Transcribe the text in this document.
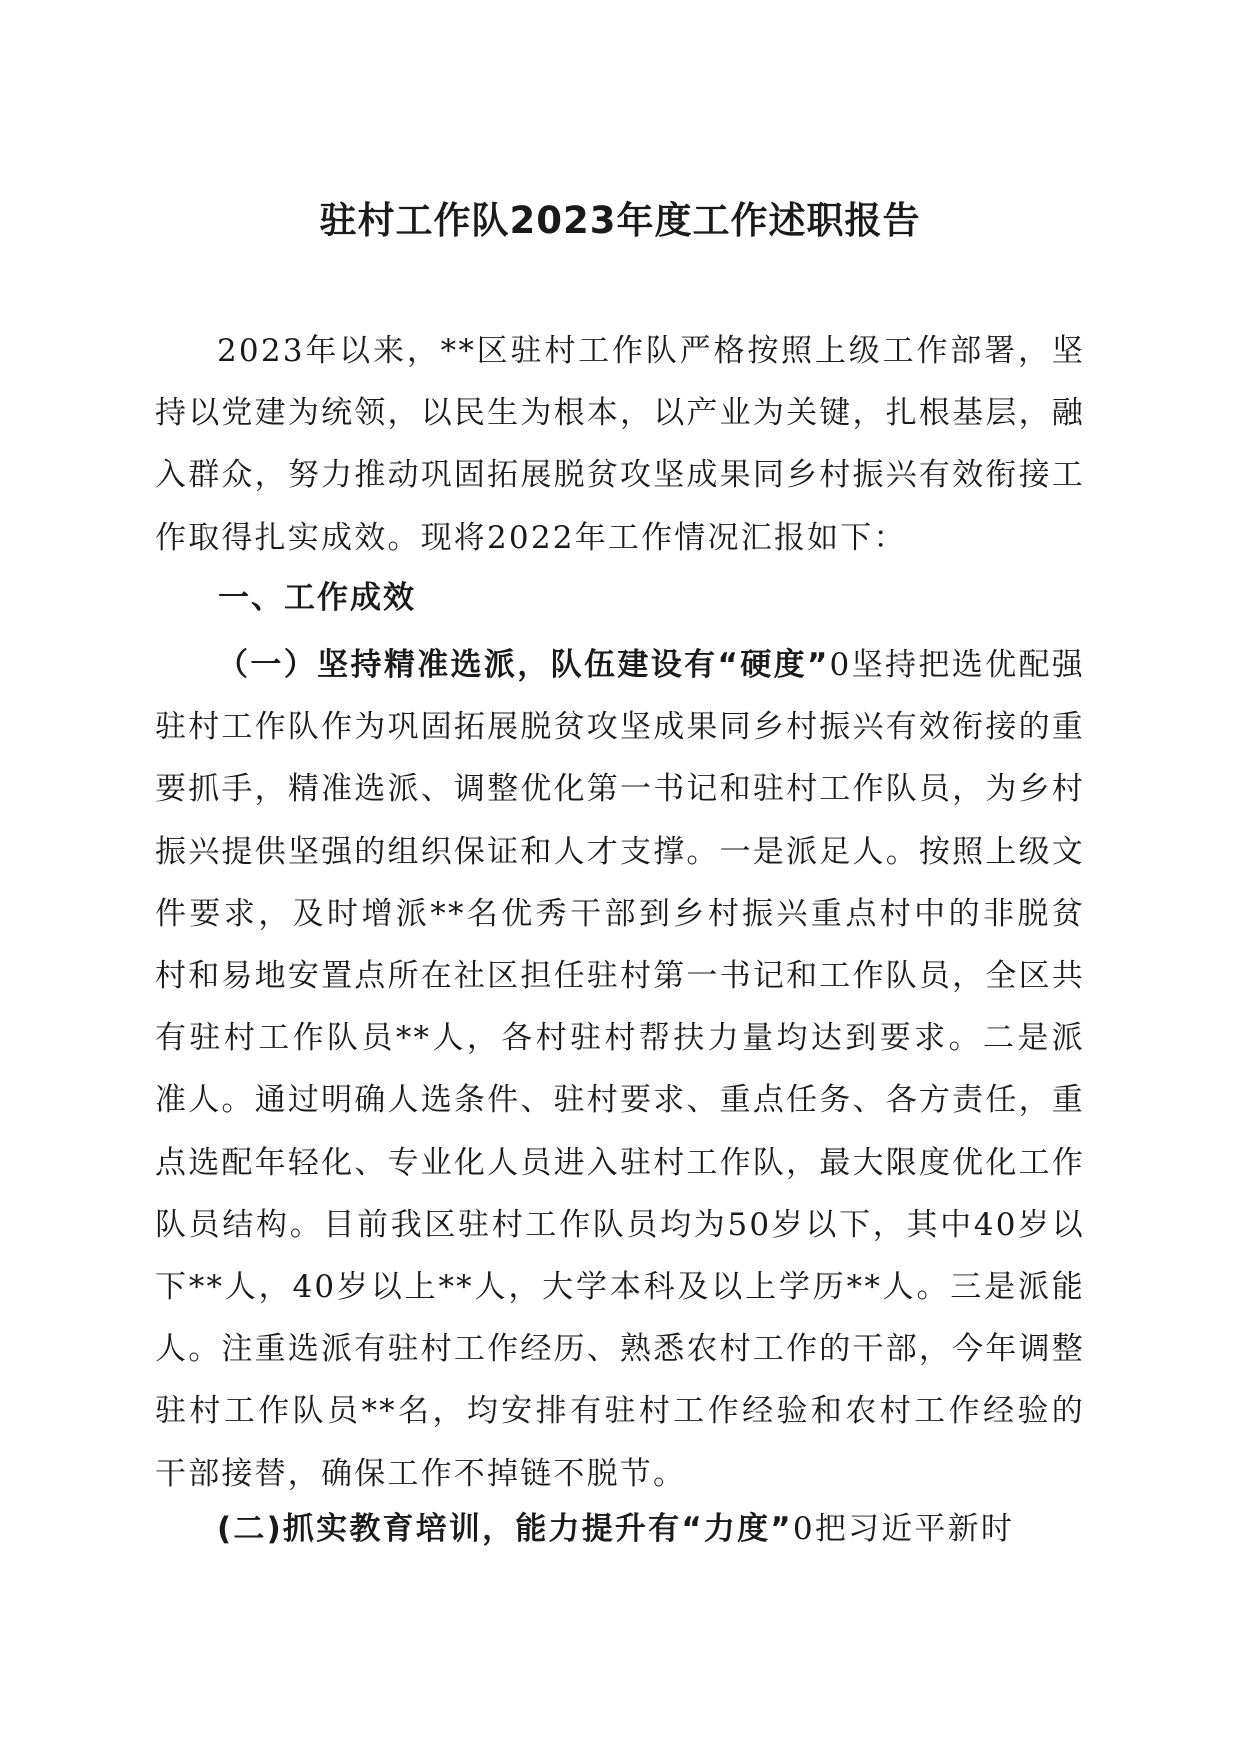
驻村工作队2023年度工作述职报告

2023年以来，**区驻村工作队严格按照上级工作部署，坚持以党建为统领，以民生为根本，以产业为关键，扎根基层，融入群众，努力推动巩固拓展脱贫攻坚成果同乡村振兴有效衔接工作取得扎实成效。现将2022年工作情况汇报如下：

一、工作成效

（一）坚持精准选派，队伍建设有“硬度”0坚持把选优配强驻村工作队作为巩固拓展脱贫攻坚成果同乡村振兴有效衔接的重要抓手，精准选派、调整优化第一书记和驻村工作队员，为乡村振兴提供坚强的组织保证和人才支撑。一是派足人。按照上级文件要求，及时增派**名优秀干部到乡村振兴重点村中的非脱贫村和易地安置点所在社区担任驻村第一书记和工作队员，全区共有驻村工作队员**人，各村驻村帮扶力量均达到要求。二是派准人。通过明确人选条件、驻村要求、重点任务、各方责任，重点选配年轻化、专业化人员进入驻村工作队，最大限度优化工作队员结构。目前我区驻村工作队员均为50岁以下，其中40岁以下**人，40岁以上**人，大学本科及以上学历**人。三是派能人。注重选派有驻村工作经历、熟悉农村工作的干部，今年调整驻村工作队员**名，均安排有驻村工作经验和农村工作经验的干部接替，确保工作不掉链不脱节。

(二)抓实教育培训，能力提升有“力度”0把习近平新时
